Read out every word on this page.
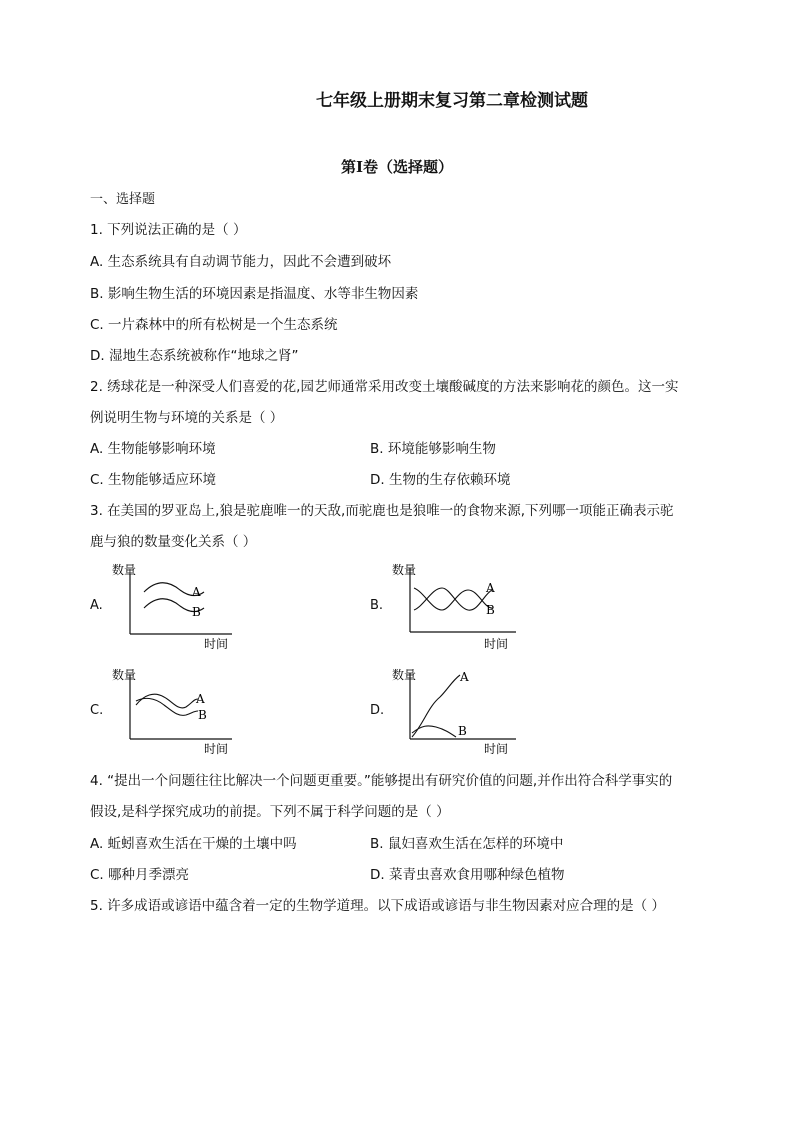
七年级上册期末复习第二章检测试题
第I卷（选择题）
一、选择题
1. 下列说法正确的是（ ）
A. 生态系统具有自动调节能力，因此不会遭到破坏
B. 影响生物生活的环境因素是指温度、水等非生物因素
C. 一片森林中的所有松树是一个生态系统
D. 湿地生态系统被称作“地球之肾”
2. 绣球花是一种深受人们喜爱的花,园艺师通常采用改变土壤酸碱度的方法来影响花的颜色。这一实
例说明生物与环境的关系是（ ）
A. 生物能够影响环境	B. 环境能够影响生物
C. 生物能够适应环境	D. 生物的生存依赖环境
3. 在美国的罗亚岛上,狼是驼鹿唯一的天敌,而驼鹿也是狼唯一的食物来源,下列哪一项能正确表示驼
鹿与狼的数量变化关系（ ）
A.	B.
C.	D.
数量
A
B
时间
数量
A
B
时间
数量
A
B
时间
数量	A
B
时间
4. “提出一个问题往往比解决一个问题更重要。”能够提出有研究价值的问题,并作出符合科学事实的
假设,是科学探究成功的前提。下列不属于科学问题的是（ ）
A. 蚯蚓喜欢生活在干燥的土壤中吗	B. 鼠妇喜欢生活在怎样的环境中
C. 哪种月季漂亮	D. 菜青虫喜欢食用哪种绿色植物
5. 许多成语或谚语中蕴含着一定的生物学道理。以下成语或谚语与非生物因素对应合理的是（ ）
